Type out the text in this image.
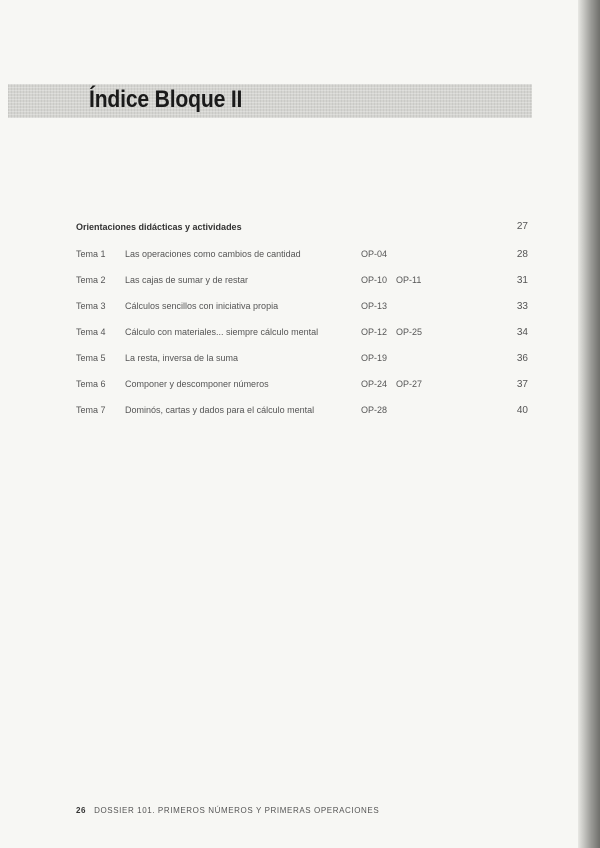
Índice Bloque II
Orientaciones didácticas y actividades	27
Tema 1 Las operaciones como cambios de cantidad	OP-04	28
Tema 2 Las cajas de sumar y de restar	OP-10 OP-11	31
Tema 3 Cálculos sencillos con iniciativa propia	OP-13	33
Tema 4 Cálculo con materiales... siempre cálculo mental	OP-12 OP-25	34
Tema 5 La resta, inversa de la suma	OP-19	36
Tema 6 Componer y descomponer números	OP-24 OP-27	37
Tema 7 Dominós, cartas y dados para el cálculo mental	OP-28	40
26 DOSSIER 101. PRIMEROS NÚMEROS Y PRIMERAS OPERACIONES
